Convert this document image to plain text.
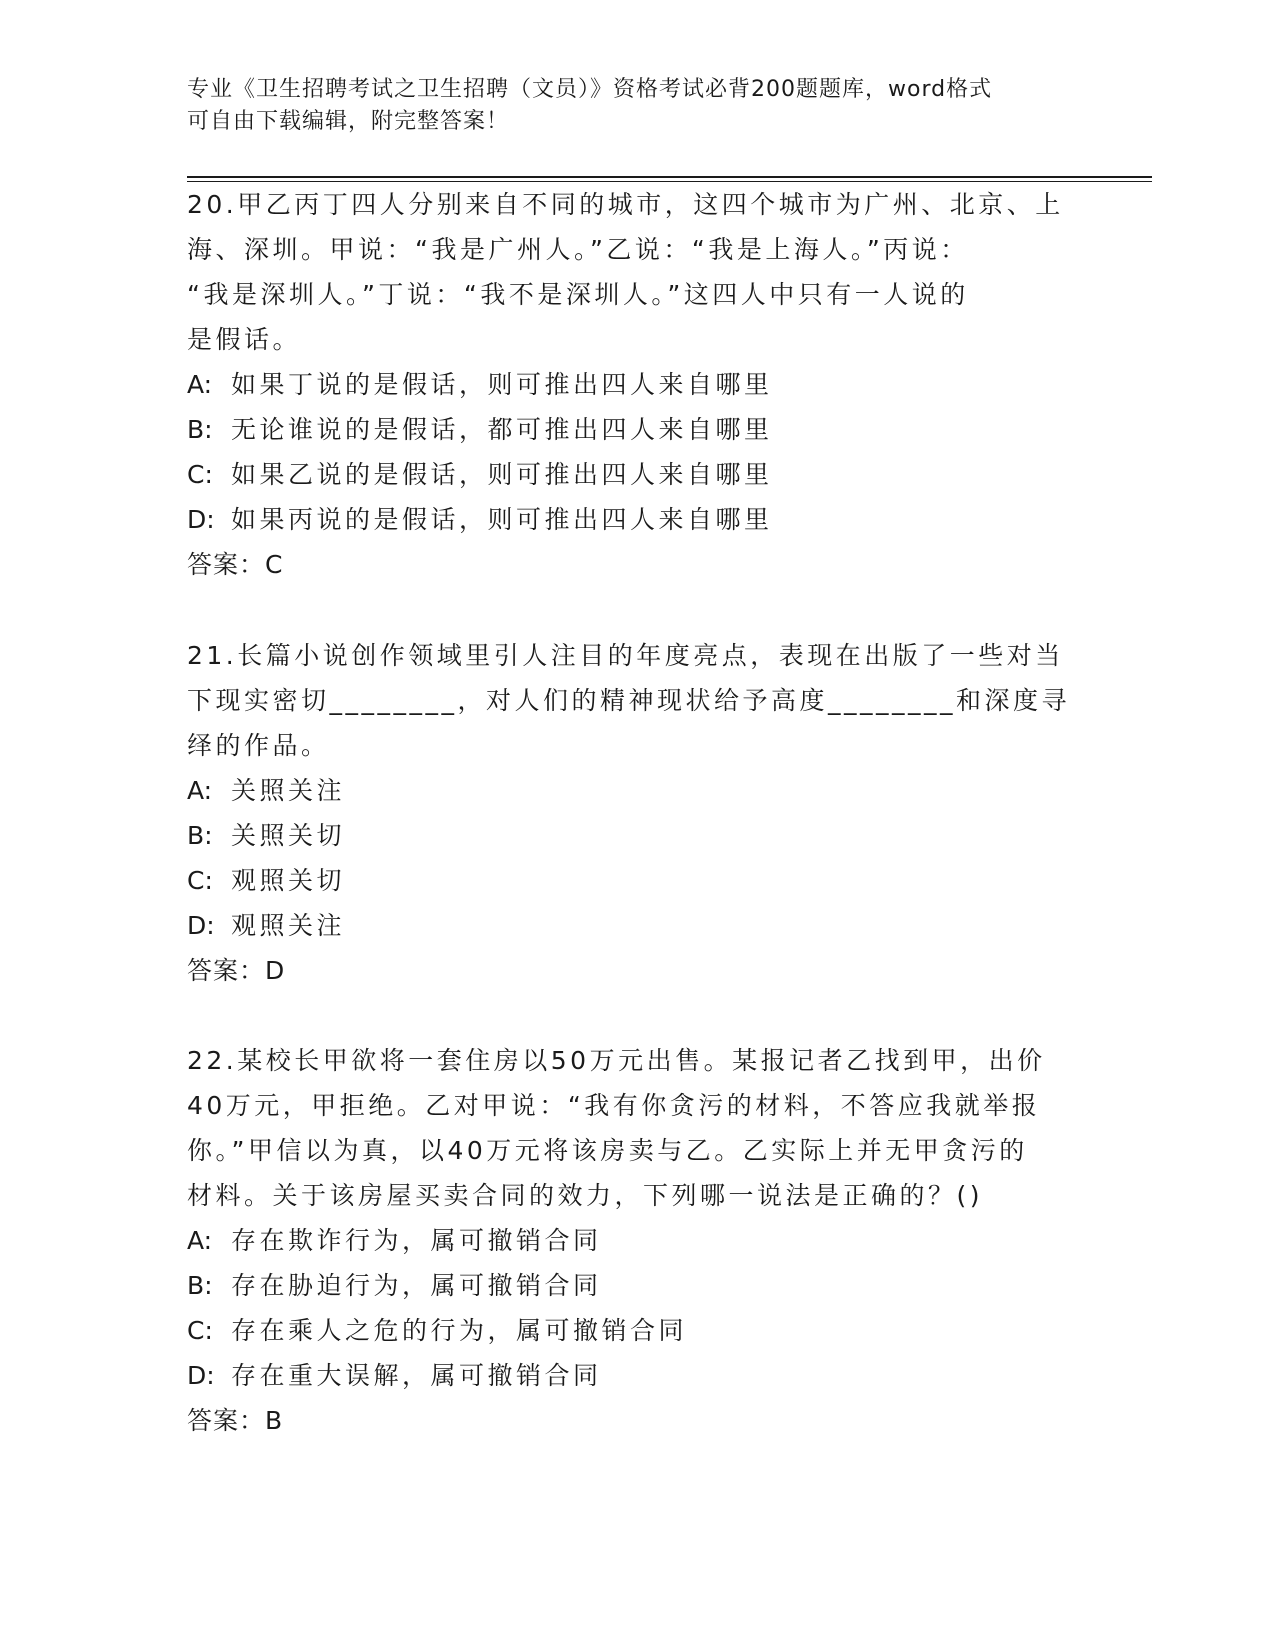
专业《卫生招聘考试之卫生招聘（文员）》资格考试必背200题题库，word格式
可自由下载编辑，附完整答案！
20.甲乙丙丁四人分别来自不同的城市，这四个城市为广州、北京、上
海、深圳。甲说：“我是广州人。”乙说：“我是上海人。”丙说：
“我是深圳人。”丁说：“我不是深圳人。”这四人中只有一人说的
是假话。
A: 如果丁说的是假话，则可推出四人来自哪里
B: 无论谁说的是假话，都可推出四人来自哪里
C: 如果乙说的是假话，则可推出四人来自哪里
D: 如果丙说的是假话，则可推出四人来自哪里
答案：C
21.长篇小说创作领域里引人注目的年度亮点，表现在出版了一些对当
下现实密切________，对人们的精神现状给予高度________和深度寻
绎的作品。
A: 关照关注
B: 关照关切
C: 观照关切
D: 观照关注
答案：D
22.某校长甲欲将一套住房以50万元出售。某报记者乙找到甲，出价
40万元，甲拒绝。乙对甲说：“我有你贪污的材料，不答应我就举报
你。”甲信以为真，以40万元将该房卖与乙。乙实际上并无甲贪污的
材料。关于该房屋买卖合同的效力，下列哪一说法是正确的？()
A: 存在欺诈行为，属可撤销合同
B: 存在胁迫行为，属可撤销合同
C: 存在乘人之危的行为，属可撤销合同
D: 存在重大误解，属可撤销合同
答案：B
